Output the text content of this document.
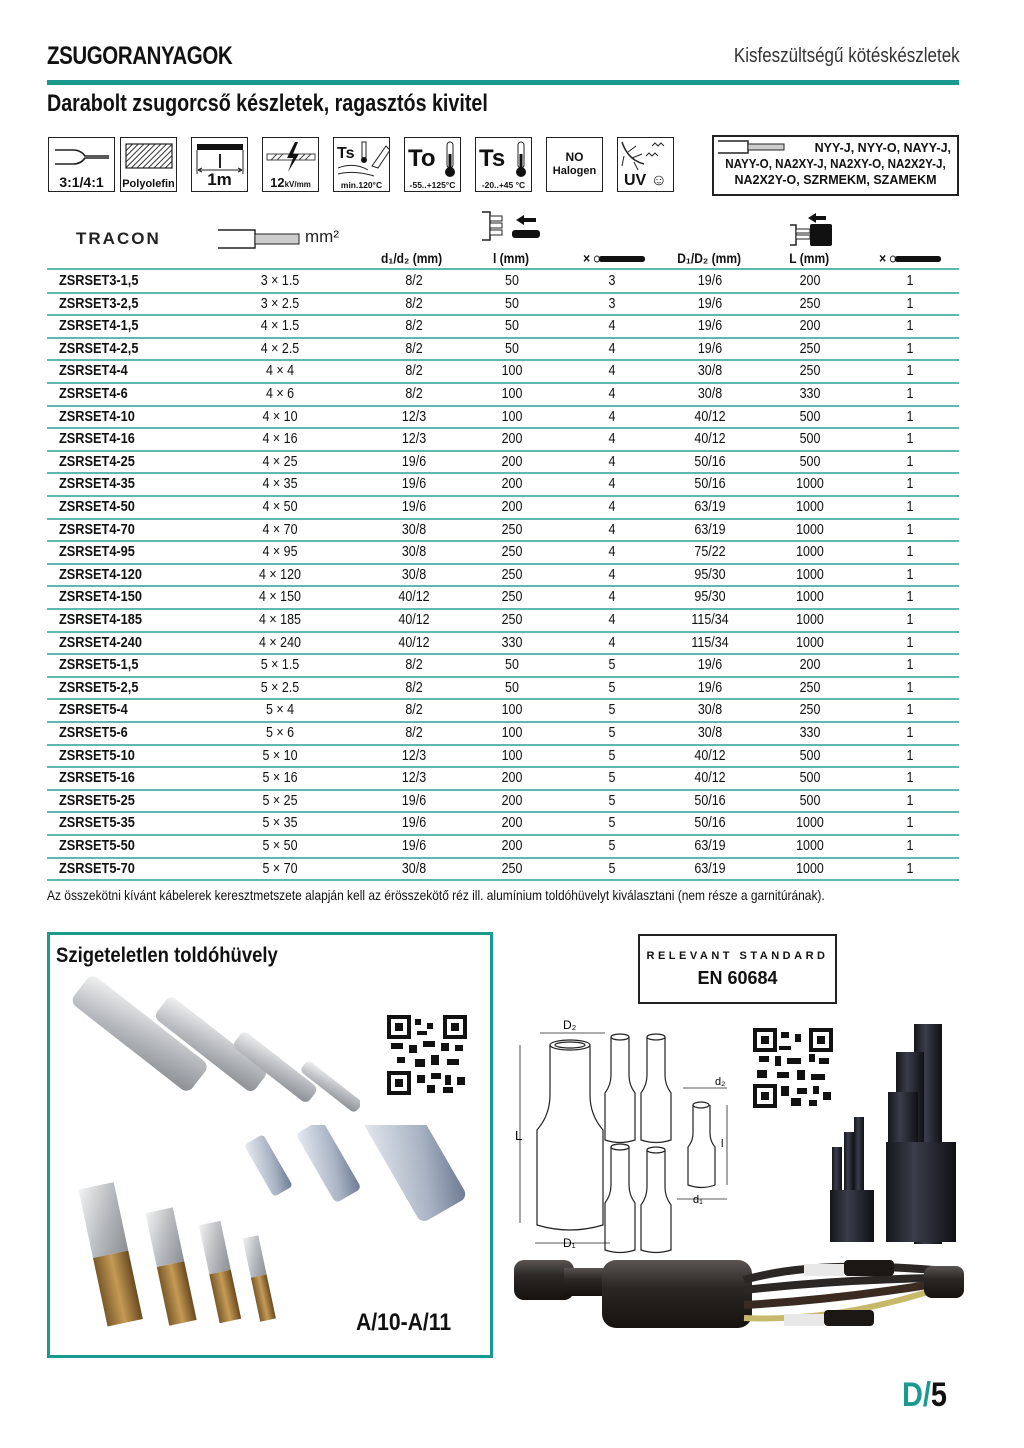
ZSUGORANYAGOK	Kisfeszültségű kötéskészletek
Darabolt zsugorcső készletek, ragasztós kivitel
3:1/4:1	Polyolefin	1m	12kV/mm
Ts
min.120°C
To
-55..+125°C
Ts
-20..+45 °C
NO
Halogen
UV ☺
NYY-J, NYY-O, NAYY-J,
NAYY-O, NA2XY-J, NA2XY-O, NA2X2Y-J,
NA2X2Y-O, SZRMEKM, SZAMEKM
TRACON	mm²
d₁/d₂ (mm)	l (mm)	×	D₁/D₂ (mm)	L (mm)	×
ZSRSET3-1,5	3 × 1.5	8/2	50	3	19/6	200	1
ZSRSET3-2,5	3 × 2.5	8/2	50	3	19/6	250	1
ZSRSET4-1,5	4 × 1.5	8/2	50	4	19/6	200	1
ZSRSET4-2,5	4 × 2.5	8/2	50	4	19/6	250	1
ZSRSET4-4	4 × 4	8/2	100	4	30/8	250	1
ZSRSET4-6	4 × 6	8/2	100	4	30/8	330	1
ZSRSET4-10	4 × 10	12/3	100	4	40/12	500	1
ZSRSET4-16	4 × 16	12/3	200	4	40/12	500	1
ZSRSET4-25	4 × 25	19/6	200	4	50/16	500	1
ZSRSET4-35	4 × 35	19/6	200	4	50/16	1000	1
ZSRSET4-50	4 × 50	19/6	200	4	63/19	1000	1
ZSRSET4-70	4 × 70	30/8	250	4	63/19	1000	1
ZSRSET4-95	4 × 95	30/8	250	4	75/22	1000	1
ZSRSET4-120	4 × 120	30/8	250	4	95/30	1000	1
ZSRSET4-150	4 × 150	40/12	250	4	95/30	1000	1
ZSRSET4-185	4 × 185	40/12	250	4	115/34	1000	1
ZSRSET4-240	4 × 240	40/12	330	4	115/34	1000	1
ZSRSET5-1,5	5 × 1.5	8/2	50	5	19/6	200	1
ZSRSET5-2,5	5 × 2.5	8/2	50	5	19/6	250	1
ZSRSET5-4	5 × 4	8/2	100	5	30/8	250	1
ZSRSET5-6	5 × 6	8/2	100	5	30/8	330	1
ZSRSET5-10	5 × 10	12/3	100	5	40/12	500	1
ZSRSET5-16	5 × 16	12/3	200	5	40/12	500	1
ZSRSET5-25	5 × 25	19/6	200	5	50/16	500	1
ZSRSET5-35	5 × 35	19/6	200	5	50/16	1000	1
ZSRSET5-50	5 × 50	19/6	200	5	63/19	1000	1
ZSRSET5-70	5 × 70	30/8	250	5	63/19	1000	1
Az összekötni kívánt kábelerek keresztmetszete alapján kell az érösszekötő réz ill. alumínium toldóhüvelyt kiválasztani (nem része a garnitúrának).
Szigeteletlen toldóhüvely
A/10-A/11
RELEVANT STANDARD
EN 60684
D₂
D₁
L
d₂
d₁
l
D/5
